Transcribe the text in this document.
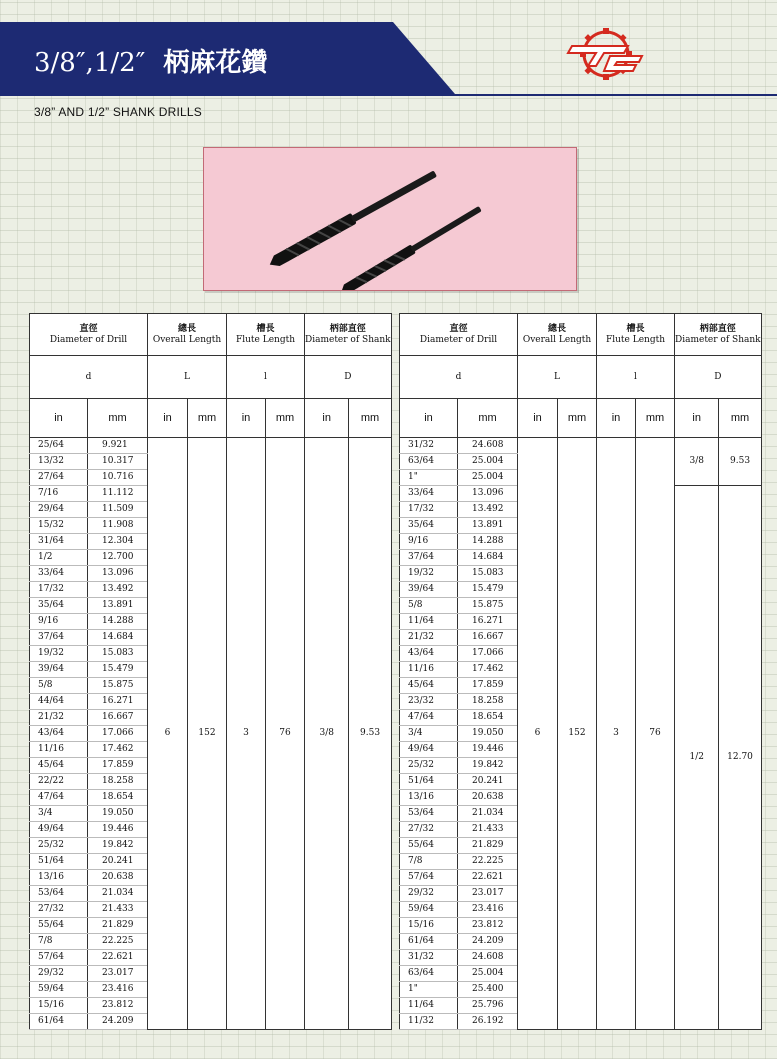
3/8″,1/2″ 柄麻花鑽
3/8” AND 1/2” SHANK DRILLS
直徑
Diameter of Drill		總長
Overall Length		槽長
Flute Length		柄部直徑
Diameter of Shank	

d		L		l		D	
in	mm	in	mm	in	mm	in	mm
25/64	9.921	6	152	3	76	3/8	9.53
13/32	10.317						
27/64	10.716						
7/16	11.112						
29/64	11.509						
15/32	11.908						
31/64	12.304						
1/2	12.700						
33/64	13.096						
17/32	13.492						
35/64	13.891						
9/16	14.288						
37/64	14.684						
19/32	15.083						
39/64	15.479						
5/8	15.875						
44/64	16.271						
21/32	16.667						
43/64	17.066						
11/16	17.462						
45/64	17.859						
22/22	18.258						
47/64	18.654						
3/4	19.050						
49/64	19.446						
25/32	19.842						
51/64	20.241						
13/16	20.638						
53/64	21.034						
27/32	21.433						
55/64	21.829						
7/8	22.225						
57/64	22.621						
29/32	23.017						
59/64	23.416						
15/16	23.812						
61/64	24.209						
直徑
Diameter of Drill		總長
Overall Length		槽長
Flute Length		柄部直徑
Diameter of Shank	

d		L		l		D	
in	mm	in	mm	in	mm	in	mm
31/32	24.608	6	152	3	76	3/8	9.53
63/64	25.004						
1"	25.004						
33/64	13.096					1/2	12.70
17/32	13.492						
35/64	13.891						
9/16	14.288						
37/64	14.684						
19/32	15.083						
39/64	15.479						
5/8	15.875						
11/64	16.271						
21/32	16.667						
43/64	17.066						
11/16	17.462						
45/64	17.859						
23/32	18.258						
47/64	18.654						
3/4	19.050						
49/64	19.446						
25/32	19.842						
51/64	20.241						
13/16	20.638						
53/64	21.034						
27/32	21.433						
55/64	21.829						
7/8	22.225						
57/64	22.621						
29/32	23.017						
59/64	23.416						
15/16	23.812						
61/64	24.209						
31/32	24.608						
63/64	25.004						
1"	25.400						
11/64	25.796						
11/32	26.192						
